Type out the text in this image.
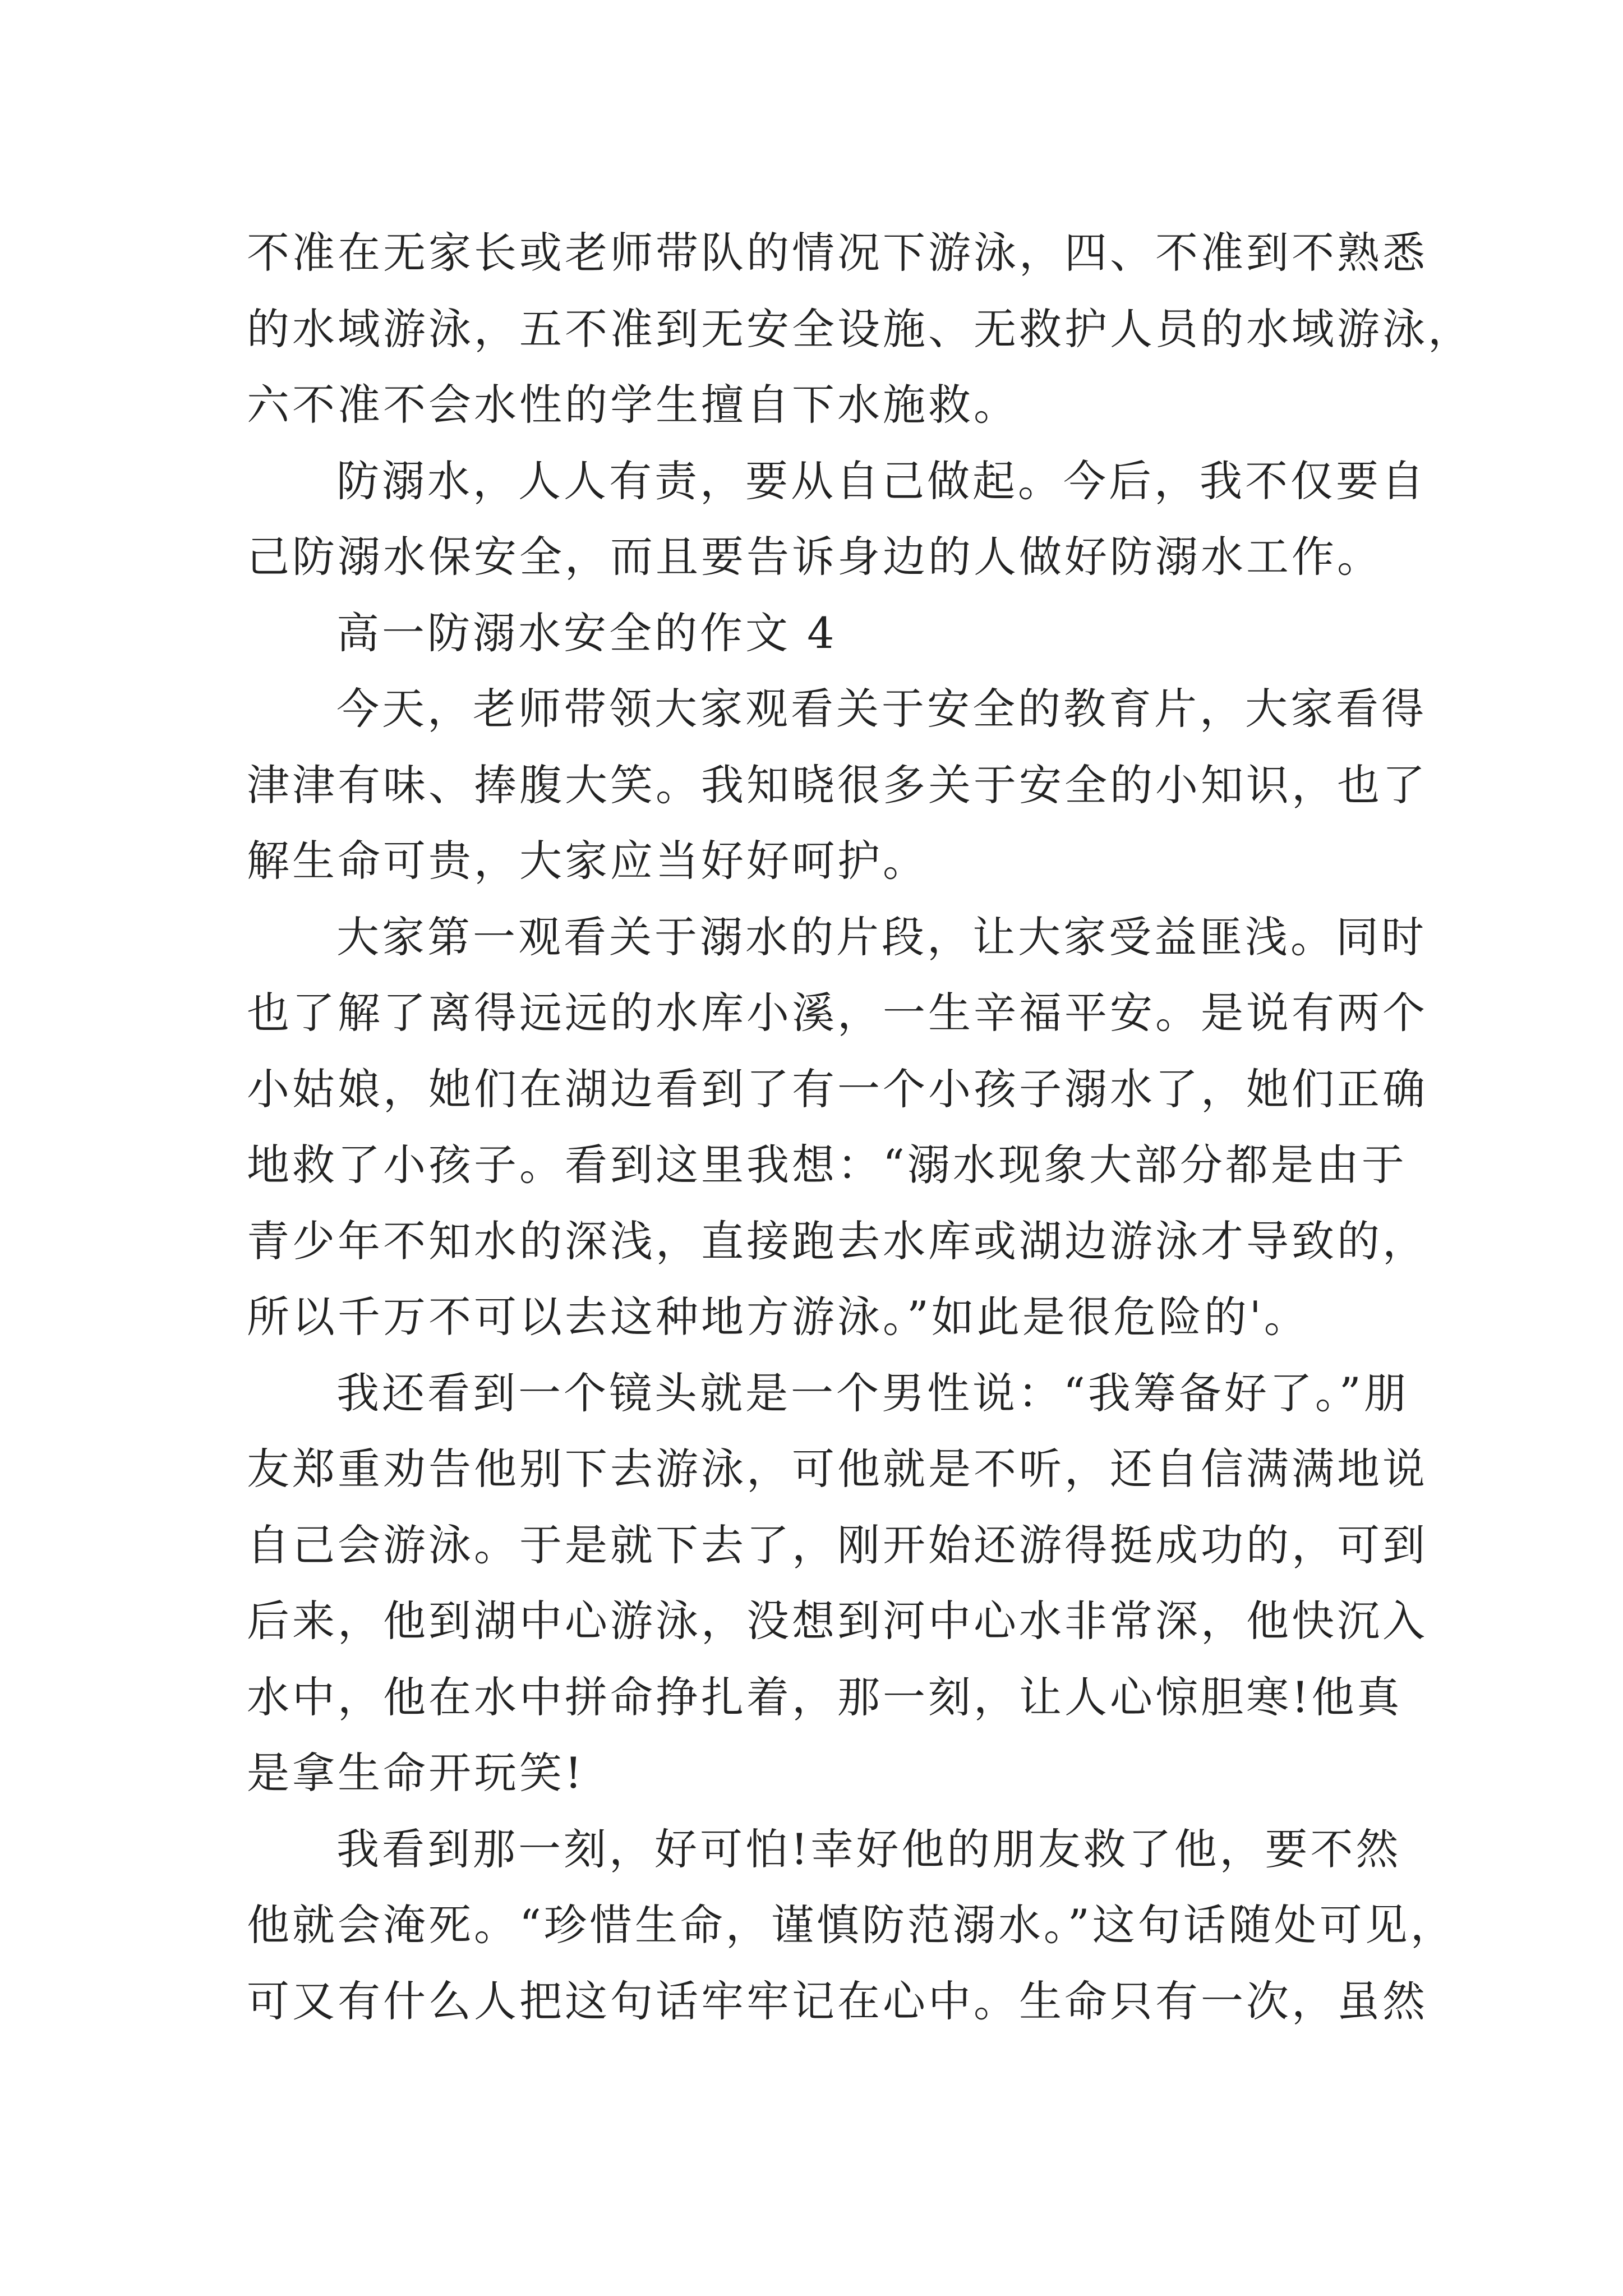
不准在无家长或老师带队的情况下游泳，四、不准到不熟悉
的水域游泳，五不准到无安全设施、无救护人员的水域游泳，
六不准不会水性的学生擅自下水施救。
防溺水，人人有责，要从自己做起。今后，我不仅要自
己防溺水保安全，而且要告诉身边的人做好防溺水工作。
高一防溺水安全的作文 4
今天，老师带领大家观看关于安全的教育片，大家看得
津津有味、捧腹大笑。我知晓很多关于安全的小知识，也了
解生命可贵，大家应当好好呵护。
大家第一观看关于溺水的片段，让大家受益匪浅。同时
也了解了离得远远的水库小溪，一生辛福平安。是说有两个
小姑娘，她们在湖边看到了有一个小孩子溺水了，她们正确
地救了小孩子。看到这里我想：“溺水现象大部分都是由于
青少年不知水的深浅，直接跑去水库或湖边游泳才导致的，
所以千万不可以去这种地方游泳。”如此是很危险的'。
我还看到一个镜头就是一个男性说：“我筹备好了。”朋
友郑重劝告他别下去游泳，可他就是不听，还自信满满地说
自己会游泳。于是就下去了，刚开始还游得挺成功的，可到
后来，他到湖中心游泳，没想到河中心水非常深，他快沉入
水中，他在水中拼命挣扎着，那一刻，让人心惊胆寒!他真
是拿生命开玩笑!
我看到那一刻，好可怕!幸好他的朋友救了他，要不然
他就会淹死。“珍惜生命，谨慎防范溺水。”这句话随处可见，
可又有什么人把这句话牢牢记在心中。生命只有一次，虽然
